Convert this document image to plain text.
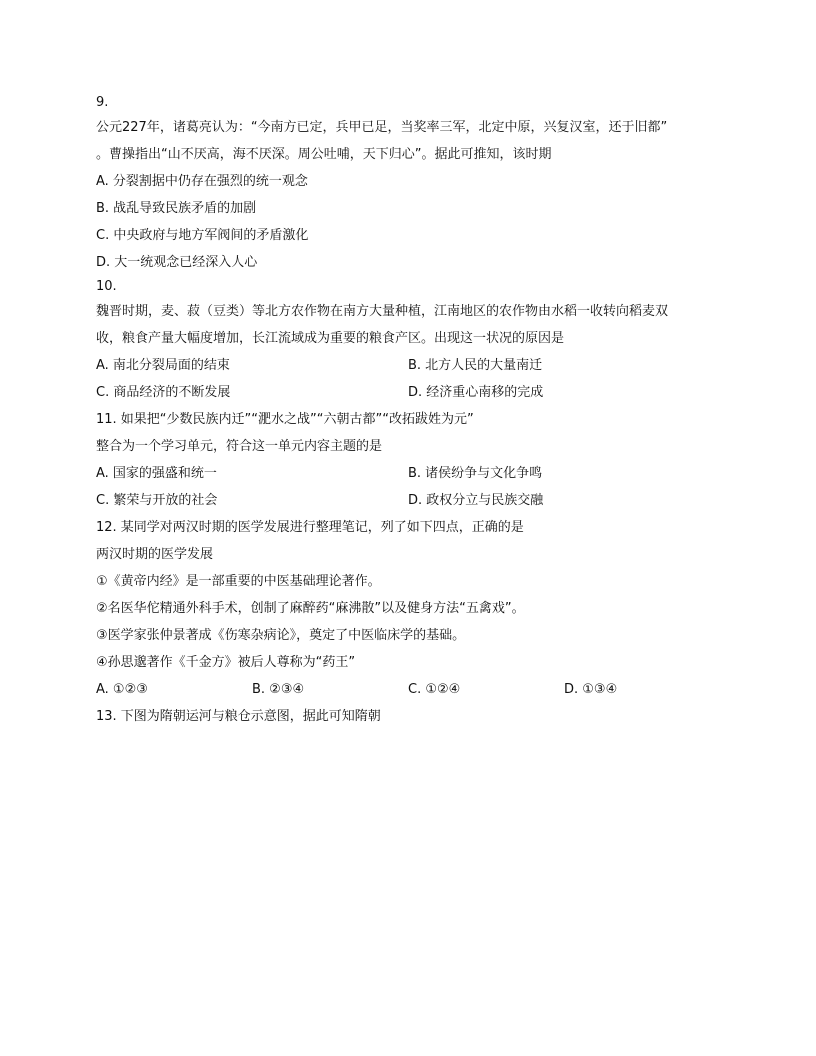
9.
公元227年，诸葛亮认为：“今南方已定，兵甲已足，当奖率三军，北定中原，兴复汉室，还于旧都”
。曹操指出“山不厌高，海不厌深。周公吐哺，天下归心”。据此可推知，该时期
A. 分裂割据中仍存在强烈的统一观念
B. 战乱导致民族矛盾的加剧
C. 中央政府与地方军阀间的矛盾激化
D. 大一统观念已经深入人心
10.
魏晋时期，麦、菽（豆类）等北方农作物在南方大量种植，江南地区的农作物由水稻一收转向稻麦双
收，粮食产量大幅度增加，长江流域成为重要的粮食产区。出现这一状况的原因是
A. 南北分裂局面的结束	B. 北方人民的大量南迁
C. 商品经济的不断发展	D. 经济重心南移的完成
11. 如果把“少数民族内迁”“淝水之战”“六朝古都”“改拓跋姓为元”
整合为一个学习单元，符合这一单元内容主题的是
A. 国家的强盛和统一	B. 诸侯纷争与文化争鸣
C. 繁荣与开放的社会	D. 政权分立与民族交融
12. 某同学对两汉时期的医学发展进行整理笔记，列了如下四点，正确的是
两汉时期的医学发展
①《黄帝内经》是一部重要的中医基础理论著作。
②名医华佗精通外科手术，创制了麻醉药“麻沸散”以及健身方法“五禽戏”。
③医学家张仲景著成《伤寒杂病论》，奠定了中医临床学的基础。
④孙思邈著作《千金方》被后人尊称为“药王”
A. ①②③	B. ②③④	C. ①②④	D. ①③④
13. 下图为隋朝运河与粮仓示意图，据此可知隋朝
